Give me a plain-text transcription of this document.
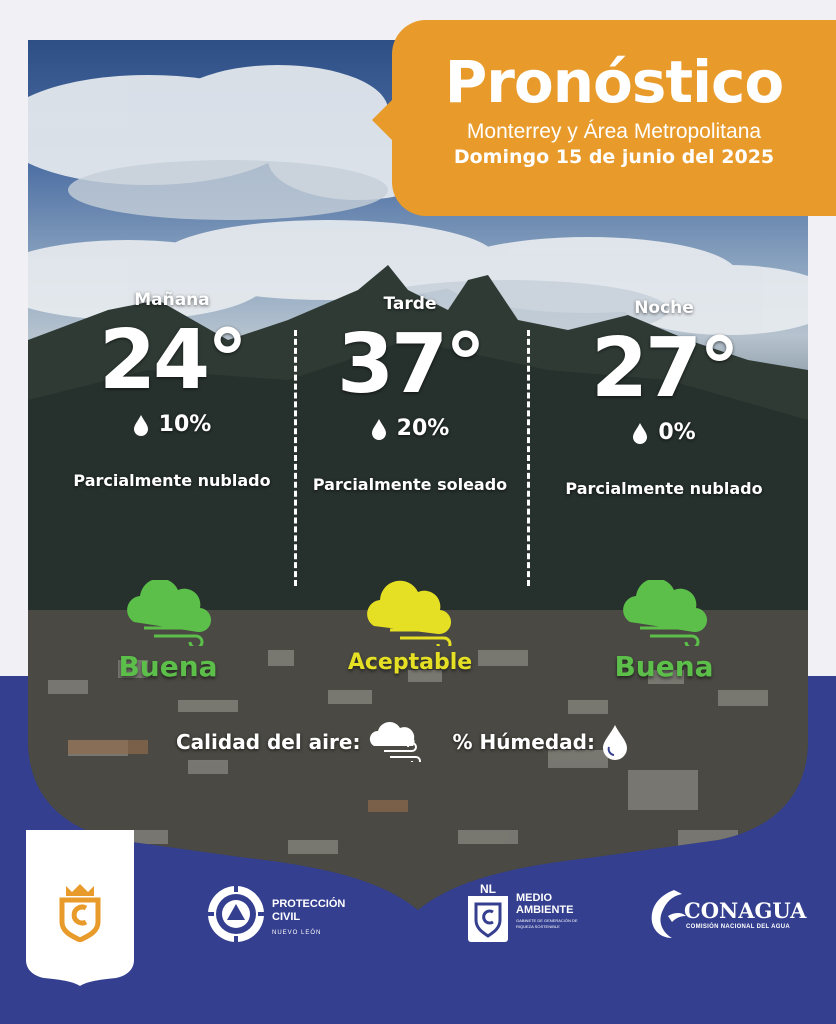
Pronóstico
Monterrey y Área Metropolitana
Domingo 15 de junio del 2025
Mañana
24°
10%
Parcialmente nublado
Tarde
37°
20%
Parcialmente soleado
Noche
27°
0%
Parcialmente nublado
Buena	Aceptable	Buena
Calidad del aire:	% Húmedad:
PROTECCIÓN
CIVIL
NUEVO LEÓN
NL
MEDIO
AMBIENTE
GABINETE DE GENERACIÓN DE RIQUEZA SOSTENIBLE
CONAGUA
COMISIÓN NACIONAL DEL AGUA
